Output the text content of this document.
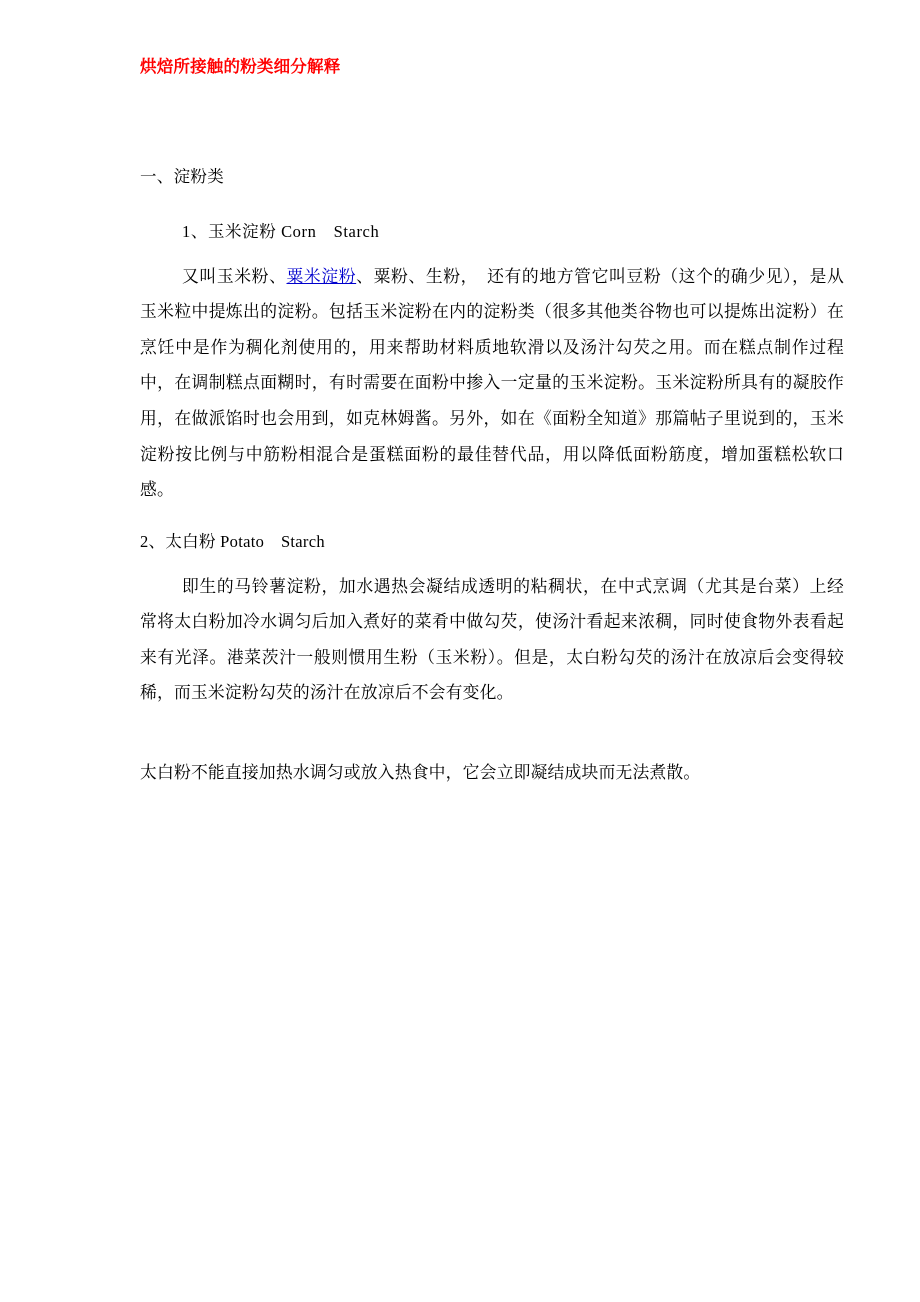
烘焙所接触的粉类细分解释
一、淀粉类
1、玉米淀粉 Corn　Starch

又叫玉米粉、粟米淀粉、粟粉、生粉，　还有的地方管它叫豆粉（这个的确少见），是从玉米粒中提炼出的淀粉。包括玉米淀粉在内的淀粉类（很多其他类谷物也可以提炼出淀粉）在烹饪中是作为稠化剂使用的，用来帮助材料质地软滑以及汤汁勾芡之用。而在糕点制作过程中，在调制糕点面糊时，有时需要在面粉中掺入一定量的玉米淀粉。玉米淀粉所具有的凝胶作用，在做派馅时也会用到，如克林姆酱。另外，如在《面粉全知道》那篇帖子里说到的，玉米淀粉按比例与中筋粉相混合是蛋糕面粉的最佳替代品，用以降低面粉筋度，增加蛋糕松软口感。

2、太白粉 Potato　Starch

即生的马铃薯淀粉，加水遇热会凝结成透明的粘稠状，在中式烹调（尤其是台菜）上经常将太白粉加冷水调匀后加入煮好的菜肴中做勾芡，使汤汁看起来浓稠，同时使食物外表看起来有光泽。港菜茨汁一般则惯用生粉（玉米粉）。但是，太白粉勾芡的汤汁在放凉后会变得较稀，而玉米淀粉勾芡的汤汁在放凉后不会有变化。

太白粉不能直接加热水调匀或放入热食中，它会立即凝结成块而无法煮散。
